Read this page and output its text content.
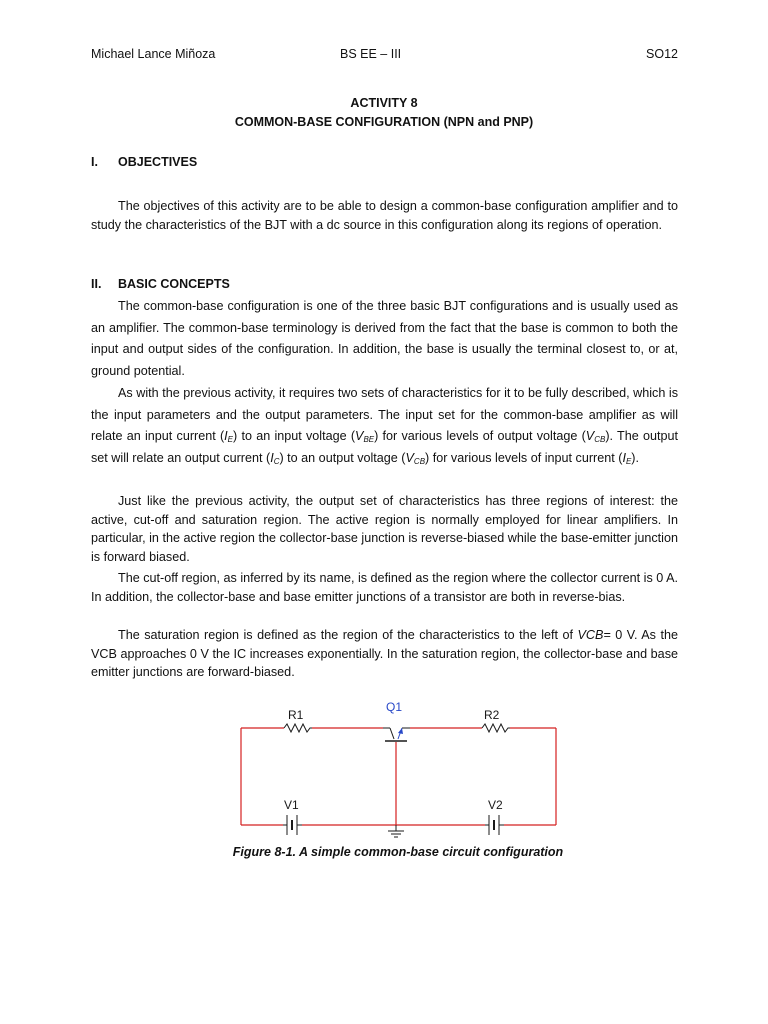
Michael Lance Miñoza	BS EE – III	SO12
ACTIVITY 8
COMMON-BASE CONFIGURATION (NPN and PNP)
I. OBJECTIVES

The objectives of this activity are to be able to design a common-base configuration amplifier and to study the characteristics of the BJT with a dc source in this configuration along its regions of operation.

II. BASIC CONCEPTS

The common-base configuration is one of the three basic BJT configurations and is usually used as an amplifier. The common-base terminology is derived from the fact that the base is common to both the input and output sides of the configuration. In addition, the base is usually the terminal closest to, or at, ground potential.

As with the previous activity, it requires two sets of characteristics for it to be fully described, which is the input parameters and the output parameters. The input set for the common-base amplifier as will relate an input current $(I_E)$ to an input voltage $(V_{BE})$ for various levels of output voltage $(V_{CB})$. The output set will relate an output current $(I_C)$ to an output voltage $(V_{CB})$ for various levels of input current $(I_E)$.

Just like the previous activity, the output set of characteristics has three regions of interest: the active, cut-off and saturation region. The active region is normally employed for linear amplifiers. In particular, in the active region the collector-base junction is reverse-biased while the base-emitter junction is forward biased.

The cut-off region, as inferred by its name, is defined as the region where the collector current is 0 A. In addition, the collector-base and base emitter junctions of a transistor are both in reverse-bias.

The saturation region is defined as the region of the characteristics to the left of VCB= 0 V. As the VCB approaches 0 V the IC increases exponentially. In the saturation region, the collector-base and base emitter junctions are forward-biased.

R1	R2
Q1
V1	V2
Figure 8-1. A simple common-base circuit configuration
